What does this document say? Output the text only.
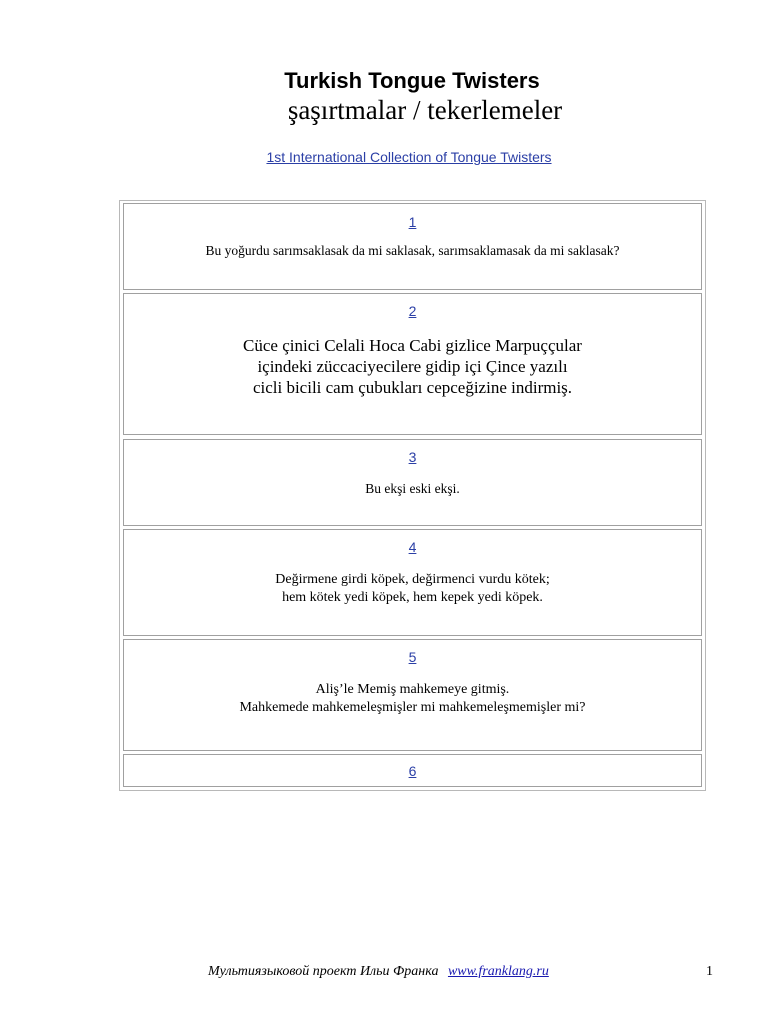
Turkish Tongue Twisters
şaşırtmalar / tekerlemeler
1st International Collection of Tongue Twisters
1
Bu yoğurdu sarımsaklasak da mi saklasak, sarımsaklamasak da mi saklasak?
2
Cüce çinici Celali Hoca Cabi gizlice Marpuççular
içindeki züccaciyecilere gidip içi Çince yazılı
cicli bicili cam çubukları cepceğizine indirmiş.
3
Bu ekşi eski ekşi.
4
Değirmene girdi köpek, değirmenci vurdu kötek;
hem kötek yedi köpek, hem kepek yedi köpek.
5
Aliş’le Memiş mahkemeye gitmiş.
Mahkemede mahkemeleşmişler mi mahkemeleşmemişler mi?
6
Мультиязыковой проект Ильи Франка www.franklang.ru	1
